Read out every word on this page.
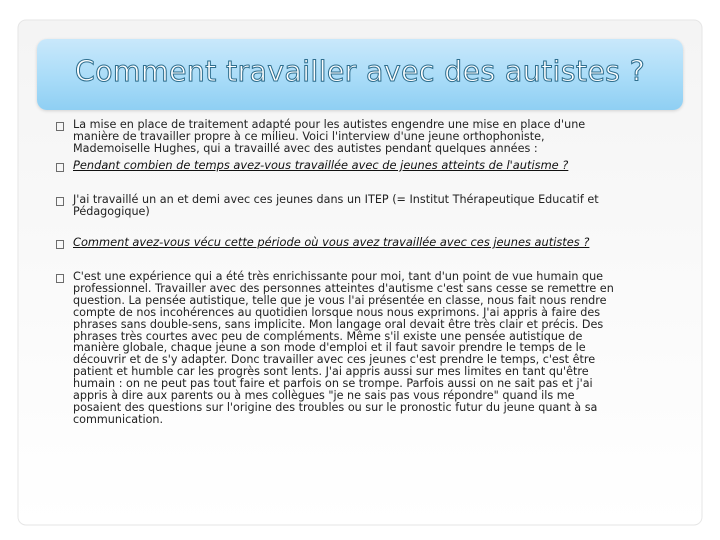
Comment travailler avec des autistes ?
La mise en place de traitement adapté pour les autistes engendre une mise en place d'une
manière de travailler propre à ce milieu. Voici l'interview d'une jeune orthophoniste,
Mademoiselle Hughes, qui a travaillé avec des autistes pendant quelques années :
Pendant combien de temps avez-vous travaillée avec de jeunes atteints de l'autisme ?
J'ai travaillé un an et demi avec ces jeunes dans un ITEP (= Institut Thérapeutique Educatif et
Pédagogique)
Comment avez-vous vécu cette période où vous avez travaillée avec ces jeunes autistes ?
C'est une expérience qui a été très enrichissante pour moi, tant d'un point de vue humain que
professionnel. Travailler avec des personnes atteintes d'autisme c'est sans cesse se remettre en
question. La pensée autistique, telle que je vous l'ai présentée en classe, nous fait nous rendre
compte de nos incohérences au quotidien lorsque nous nous exprimons. J'ai appris à faire des
phrases sans double-sens, sans implicite. Mon langage oral devait être très clair et précis. Des
phrases très courtes avec peu de compléments. Même s'il existe une pensée autistique de
manière globale, chaque jeune a son mode d'emploi et il faut savoir prendre le temps de le
découvrir et de s'y adapter. Donc travailler avec ces jeunes c'est prendre le temps, c'est être
patient et humble car les progrès sont lents. J'ai appris aussi sur mes limites en tant qu'être
humain : on ne peut pas tout faire et parfois on se trompe. Parfois aussi on ne sait pas et j'ai
appris à dire aux parents ou à mes collègues "je ne sais pas vous répondre" quand ils me
posaient des questions sur l'origine des troubles ou sur le pronostic futur du jeune quant à sa
communication.
